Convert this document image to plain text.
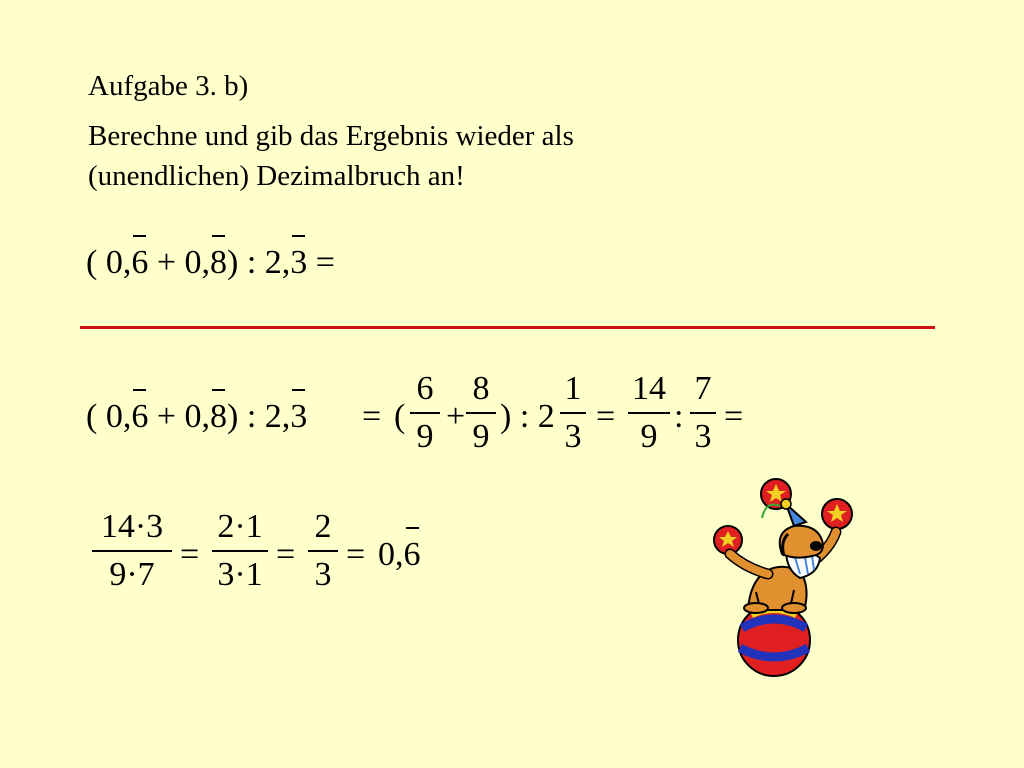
Aufgabe 3. b)
Berechne und gib das Ergebnis wieder als
(unendlichen) Dezimalbruch an!
( 0,6 + 0,8) : 2,3 =
( 0,6 + 0,8) : 2,3 = (
6
9
+
8
9
) : 2
1
3
=
14
9
:
7
3
=
14·3
9·7
=
2·1
3·1
=
2
3
= 0,6
